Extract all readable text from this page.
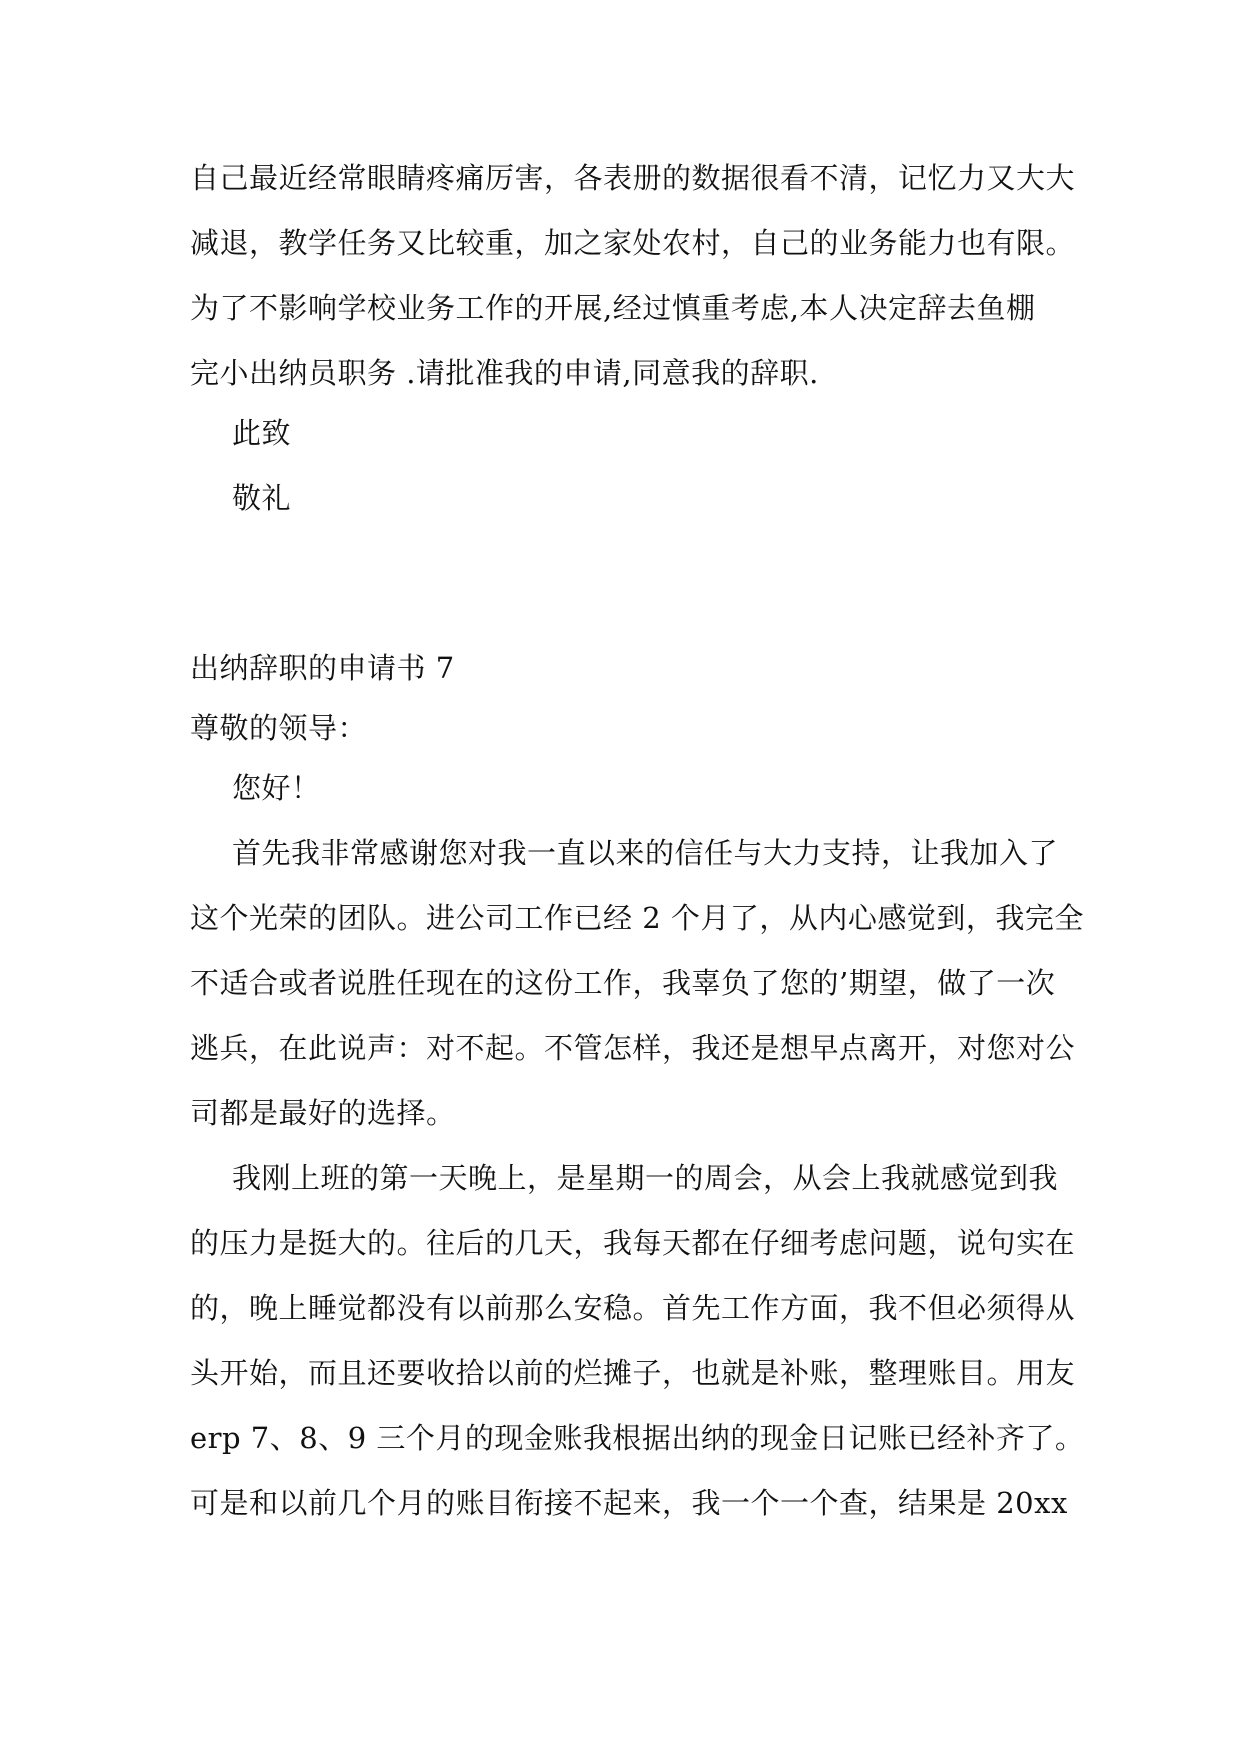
自己最近经常眼睛疼痛厉害，各表册的数据很看不清，记忆力又大大
减退，教学任务又比较重，加之家处农村，自己的业务能力也有限。
为了不影响学校业务工作的开展,经过慎重考虑,本人决定辞去鱼棚
完小出纳员职务 .请批准我的申请,同意我的辞职.
此致
敬礼
出纳辞职的申请书 7
尊敬的领导：
您好！
首先我非常感谢您对我一直以来的信任与大力支持，让我加入了
这个光荣的团队。进公司工作已经 2 个月了，从内心感觉到，我完全
不适合或者说胜任现在的这份工作，我辜负了您的’期望，做了一次
逃兵，在此说声：对不起。不管怎样，我还是想早点离开，对您对公
司都是最好的选择。
我刚上班的第一天晚上，是星期一的周会，从会上我就感觉到我
的压力是挺大的。往后的几天，我每天都在仔细考虑问题，说句实在
的，晚上睡觉都没有以前那么安稳。首先工作方面，我不但必须得从
头开始，而且还要收拾以前的烂摊子，也就是补账，整理账目。用友
erp 7、8、9 三个月的现金账我根据出纳的现金日记账已经补齐了。
可是和以前几个月的账目衔接不起来，我一个一个查，结果是 20xx
